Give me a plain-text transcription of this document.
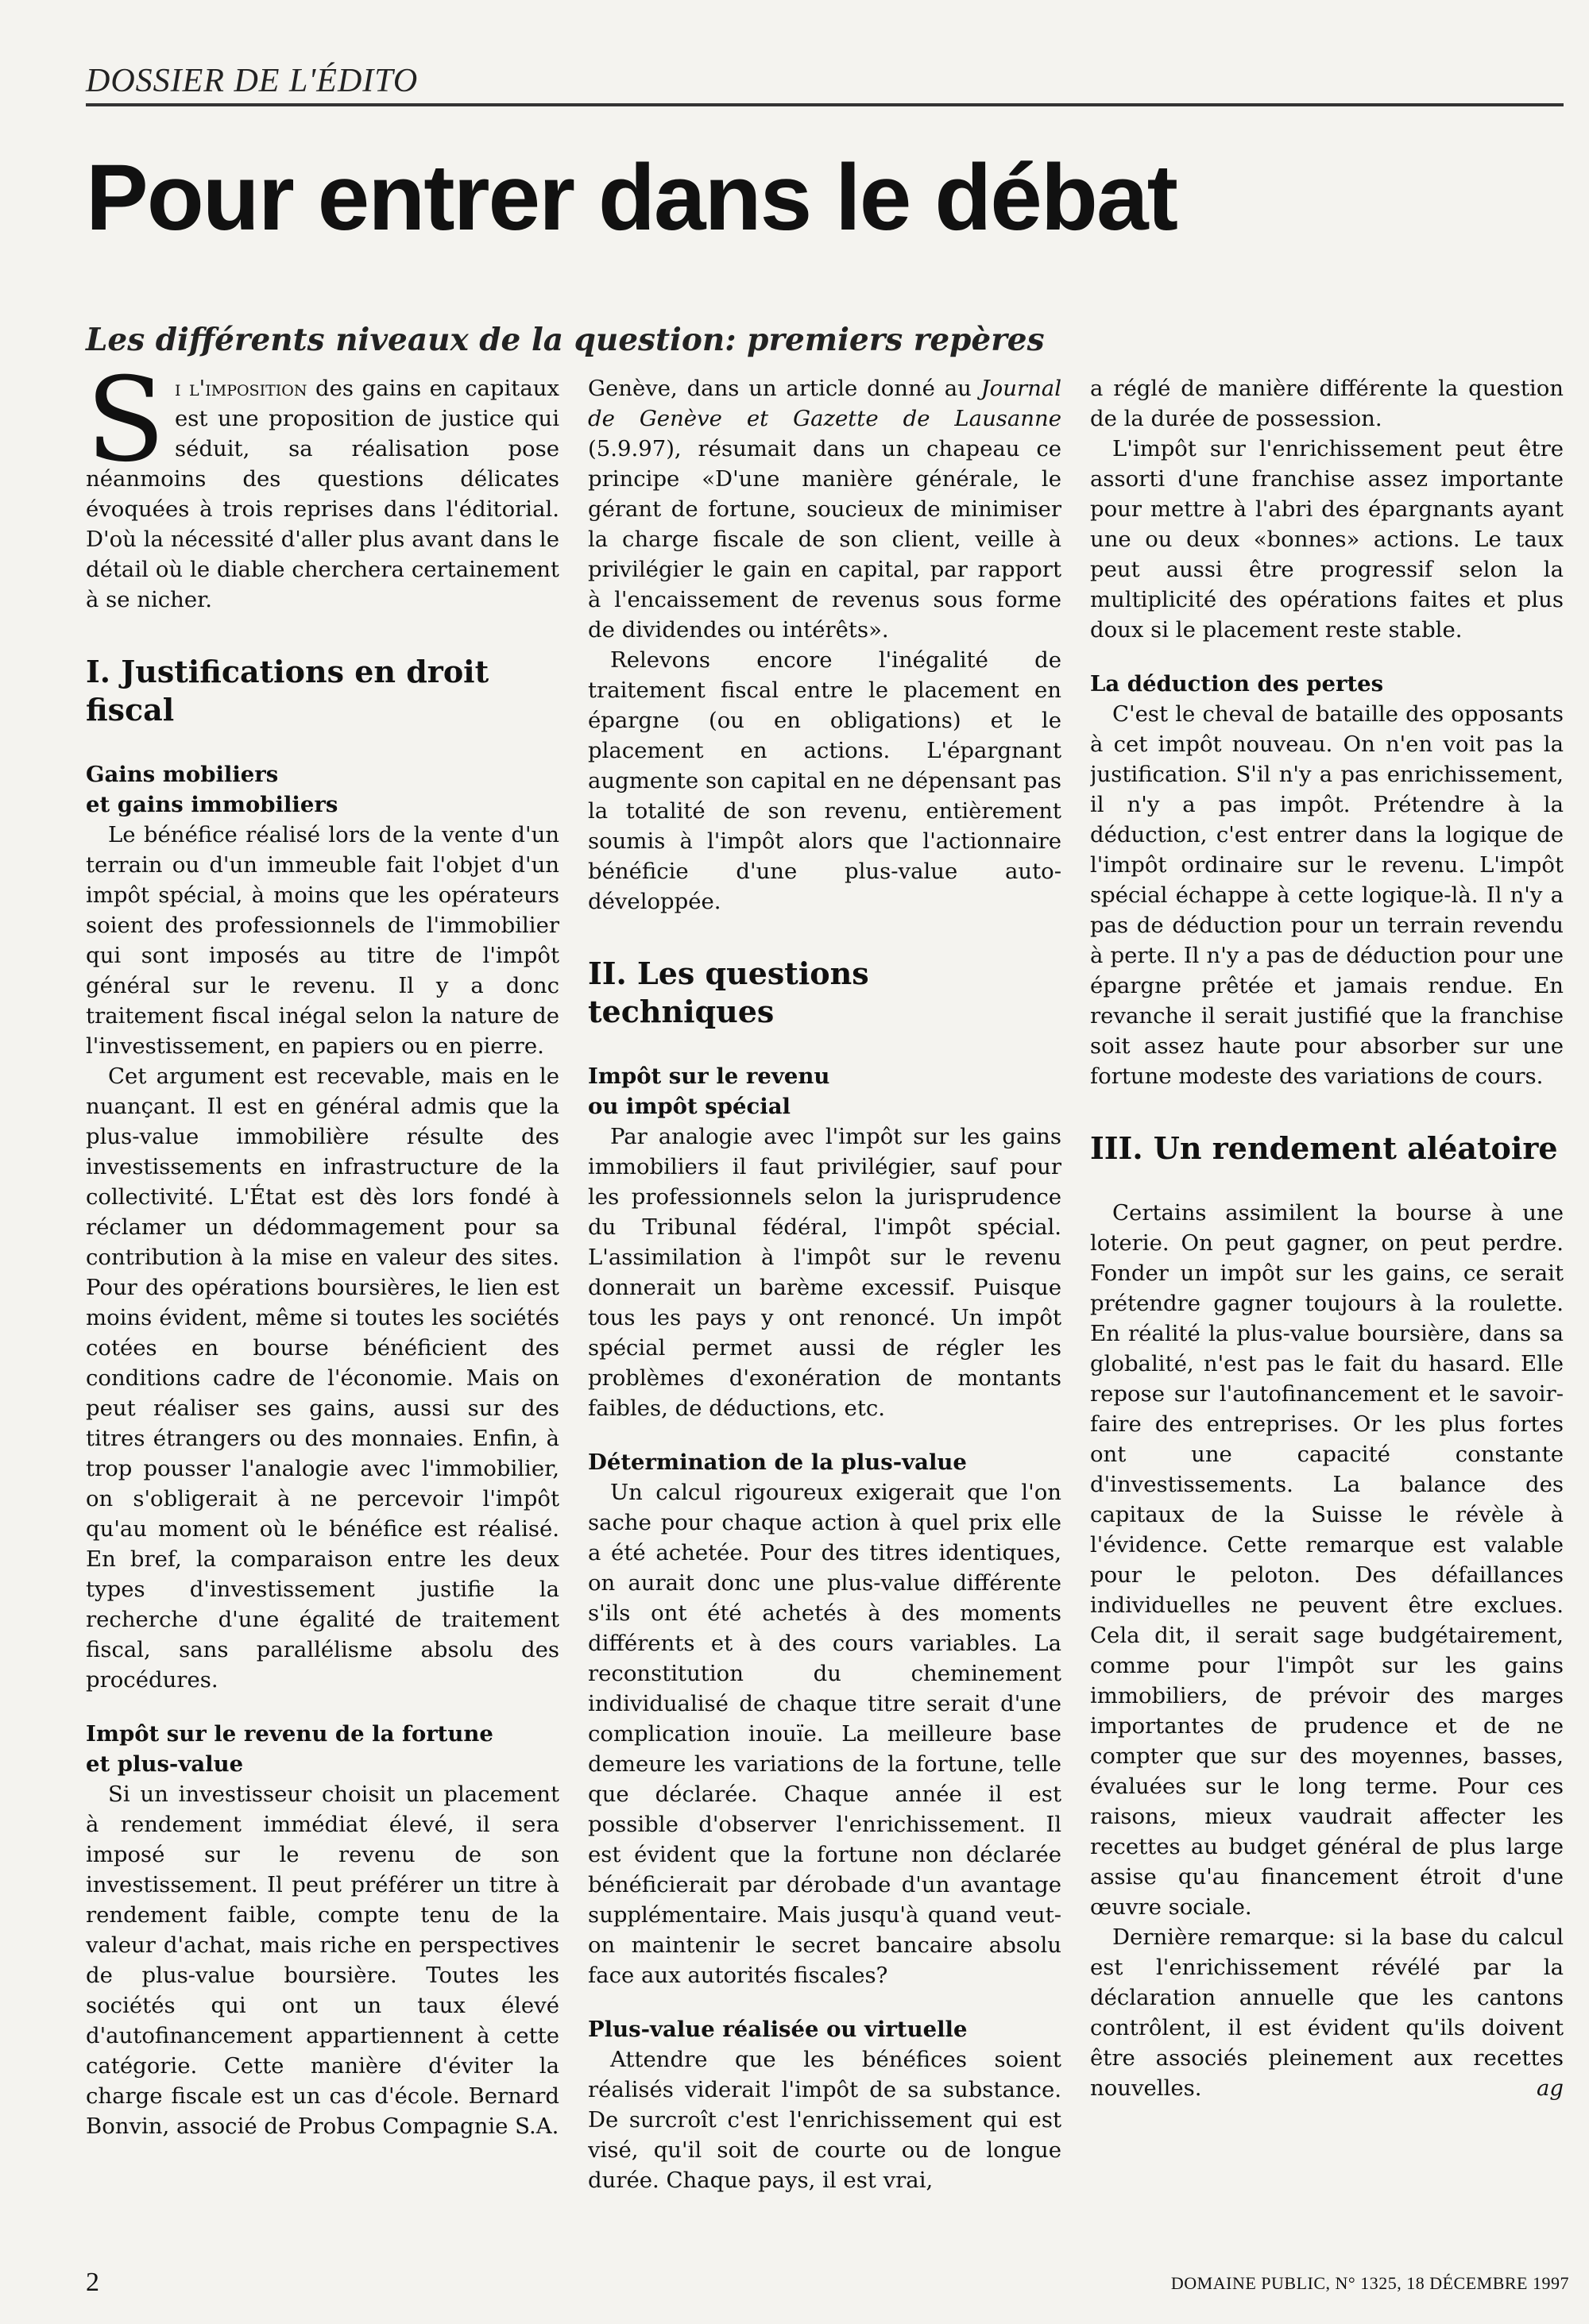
DOSSIER DE L'ÉDITO
Pour entrer dans le débat
Les différents niveaux de la question: premiers repères

Si l'imposition des gains en capitaux est une proposition de justice qui séduit, sa réalisation pose néanmoins des questions délicates évoquées à trois reprises dans l'éditorial. D'où la nécessité d'aller plus avant dans le détail où le diable cherchera certainement à se nicher.

I. Justifications en droit fiscal
Gains mobiliers
et gains immobiliers

Le bénéfice réalisé lors de la vente d'un terrain ou d'un immeuble fait l'objet d'un impôt spécial, à moins que les opérateurs soient des professionnels de l'immobilier qui sont imposés au titre de l'impôt général sur le revenu. Il y a donc traitement fiscal inégal selon la nature de l'investissement, en papiers ou en pierre.

Cet argument est recevable, mais en le nuançant. Il est en général admis que la plus-value immobilière résulte des investissements en infrastructure de la collectivité. L'État est dès lors fondé à réclamer un dédommagement pour sa contribution à la mise en valeur des sites. Pour des opérations boursières, le lien est moins évident, même si toutes les sociétés cotées en bourse bénéficient des conditions cadre de l'économie. Mais on peut réaliser ses gains, aussi sur des titres étrangers ou des monnaies. Enfin, à trop pousser l'analogie avec l'immobilier, on s'obligerait à ne percevoir l'impôt qu'au moment où le bénéfice est réalisé. En bref, la comparaison entre les deux types d'investissement justifie la recherche d'une égalité de traitement fiscal, sans parallélisme absolu des procédures.

Impôt sur le revenu de la fortune
et plus-value

Si un investisseur choisit un placement à rendement immédiat élevé, il sera imposé sur le revenu de son investissement. Il peut préférer un titre à rendement faible, compte tenu de la valeur d'achat, mais riche en perspectives de plus-value boursière. Toutes les sociétés qui ont un taux élevé d'autofinancement appartiennent à cette catégorie. Cette manière d'éviter la charge fiscale est un cas d'école. Bernard Bonvin, associé de Probus Compagnie S.A.

Genève, dans un article donné au Journal de Genève et Gazette de Lausanne (5.9.97), résumait dans un chapeau ce principe «D'une manière générale, le gérant de fortune, soucieux de minimiser la charge fiscale de son client, veille à privilégier le gain en capital, par rapport à l'encaissement de revenus sous forme de dividendes ou intérêts».

Relevons encore l'inégalité de traitement fiscal entre le placement en épargne (ou en obligations) et le placement en actions. L'épargnant augmente son capital en ne dépensant pas la totalité de son revenu, entièrement soumis à l'impôt alors que l'actionnaire bénéficie d'une plus-value auto-développée.

II. Les questions techniques
Impôt sur le revenu
ou impôt spécial

Par analogie avec l'impôt sur les gains immobiliers il faut privilégier, sauf pour les professionnels selon la jurisprudence du Tribunal fédéral, l'impôt spécial. L'assimilation à l'impôt sur le revenu donnerait un barème excessif. Puisque tous les pays y ont renoncé. Un impôt spécial permet aussi de régler les problèmes d'exonération de montants faibles, de déductions, etc.

Détermination de la plus-value

Un calcul rigoureux exigerait que l'on sache pour chaque action à quel prix elle a été achetée. Pour des titres identiques, on aurait donc une plus-value différente s'ils ont été achetés à des moments différents et à des cours variables. La reconstitution du cheminement individualisé de chaque titre serait d'une complication inouïe. La meilleure base demeure les variations de la fortune, telle que déclarée. Chaque année il est possible d'observer l'enrichissement. Il est évident que la fortune non déclarée bénéficierait par dérobade d'un avantage supplémentaire. Mais jusqu'à quand veut-on maintenir le secret bancaire absolu face aux autorités fiscales?

Plus-value réalisée ou virtuelle

Attendre que les bénéfices soient réalisés viderait l'impôt de sa substance. De surcroît c'est l'enrichissement qui est visé, qu'il soit de courte ou de longue durée. Chaque pays, il est vrai,

a réglé de manière différente la question de la durée de possession.

L'impôt sur l'enrichissement peut être assorti d'une franchise assez importante pour mettre à l'abri des épargnants ayant une ou deux «bonnes» actions. Le taux peut aussi être progressif selon la multiplicité des opérations faites et plus doux si le placement reste stable.

La déduction des pertes

C'est le cheval de bataille des opposants à cet impôt nouveau. On n'en voit pas la justification. S'il n'y a pas enrichissement, il n'y a pas impôt. Prétendre à la déduction, c'est entrer dans la logique de l'impôt ordinaire sur le revenu. L'impôt spécial échappe à cette logique-là. Il n'y a pas de déduction pour un terrain revendu à perte. Il n'y a pas de déduction pour une épargne prêtée et jamais rendue. En revanche il serait justifié que la franchise soit assez haute pour absorber sur une fortune modeste des variations de cours.

III. Un rendement aléatoire

Certains assimilent la bourse à une loterie. On peut gagner, on peut perdre. Fonder un impôt sur les gains, ce serait prétendre gagner toujours à la roulette. En réalité la plus-value boursière, dans sa globalité, n'est pas le fait du hasard. Elle repose sur l'autofinancement et le savoir-faire des entreprises. Or les plus fortes ont une capacité constante d'investissements. La balance des capitaux de la Suisse le révèle à l'évidence. Cette remarque est valable pour le peloton. Des défaillances individuelles ne peuvent être exclues. Cela dit, il serait sage budgétairement, comme pour l'impôt sur les gains immobiliers, de prévoir des marges importantes de prudence et de ne compter que sur des moyennes, basses, évaluées sur le long terme. Pour ces raisons, mieux vaudrait affecter les recettes au budget général de plus large assise qu'au financement étroit d'une œuvre sociale.

Dernière remarque: si la base du calcul est l'enrichissement révélé par la déclaration annuelle que les cantons contrôlent, il est évident qu'ils doivent être associés pleinement aux recettes nouvelles.	ag

2	DOMAINE PUBLIC, N° 1325, 18 DÉCEMBRE 1997
